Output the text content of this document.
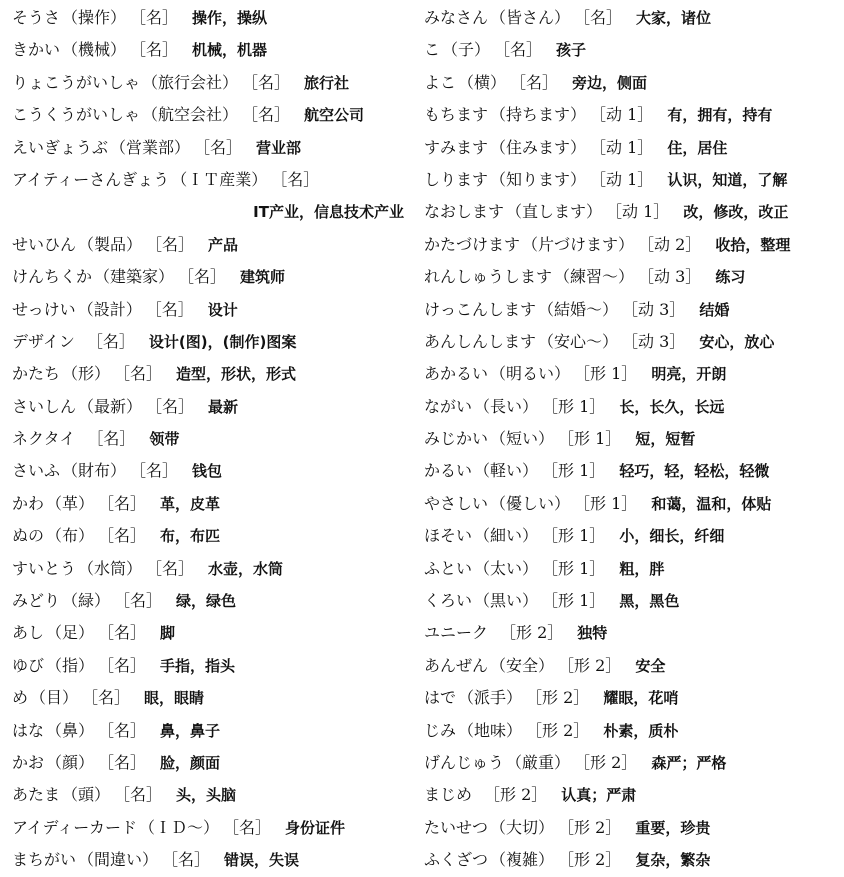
そうさ （操作） ［名］ 操作，操纵
きかい （機械） ［名］ 机械，机器
りょこうがいしゃ （旅行会社） ［名］ 旅行社
こうくうがいしゃ （航空会社） ［名］ 航空公司
えいぎょうぶ （営業部） ［名］ 营业部
アイティーさんぎょう （ＩＴ産業） ［名］
IT产业，信息技术产业
せいひん （製品） ［名］ 产品
けんちくか （建築家） ［名］ 建筑师
せっけい （設計） ［名］ 设计
デザイン ［名］ 设计(图)，(制作)图案
かたち （形） ［名］ 造型，形状，形式
さいしん （最新） ［名］ 最新
ネクタイ ［名］ 领带
さいふ （財布） ［名］ 钱包
かわ （革） ［名］ 革，皮革
ぬの （布） ［名］ 布，布匹
すいとう （水筒） ［名］ 水壶，水筒
みどり （緑） ［名］ 绿，绿色
あし （足） ［名］ 脚
ゆび （指） ［名］ 手指，指头
め （目） ［名］ 眼，眼睛
はな （鼻） ［名］ 鼻，鼻子
かお （顔） ［名］ 脸，颜面
あたま （頭） ［名］ 头，头脑
アイディーカード （ＩＤ～） ［名］ 身份证件
まちがい （間違い） ［名］ 错误，失误
みなさん （皆さん） ［名］ 大家，诸位
こ （子） ［名］ 孩子
よこ （横） ［名］ 旁边，侧面
もちます （持ちます） ［动 1］ 有，拥有，持有
すみます （住みます） ［动 1］ 住，居住
しります （知ります） ［动 1］ 认识，知道，了解
なおします （直します） ［动 1］ 改，修改，改正
かたづけます （片づけます） ［动 2］ 收拾，整理
れんしゅうします （練習～） ［动 3］ 练习
けっこんします （結婚～） ［动 3］ 结婚
あんしんします （安心～） ［动 3］ 安心，放心
あかるい （明るい） ［形 1］ 明亮，开朗
ながい （長い） ［形 1］ 长，长久，长远
みじかい （短い） ［形 1］ 短，短暂
かるい （軽い） ［形 1］ 轻巧，轻，轻松，轻微
やさしい （優しい） ［形 1］ 和蔼，温和，体贴
ほそい （細い） ［形 1］ 小，细长，纤细
ふとい （太い） ［形 1］ 粗，胖
くろい （黒い） ［形 1］ 黑，黑色
ユニーク ［形 2］ 独特
あんぜん （安全） ［形 2］ 安全
はで （派手） ［形 2］ 耀眼，花哨
じみ （地味） ［形 2］ 朴素，质朴
げんじゅう （厳重） ［形 2］ 森严；严格
まじめ ［形 2］ 认真；严肃
たいせつ （大切） ［形 2］ 重要，珍贵
ふくざつ （複雑） ［形 2］ 复杂，繁杂
